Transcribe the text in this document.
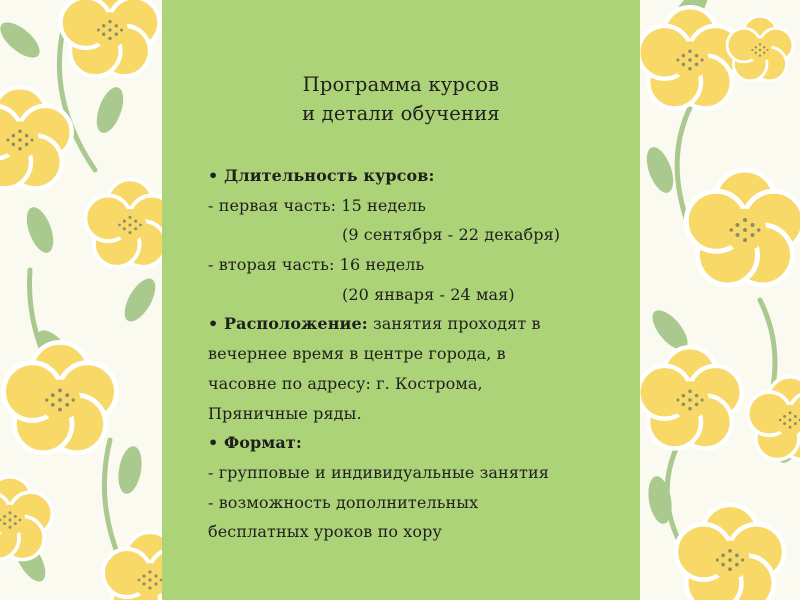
Программа курсов
и детали обучения
• Длительность курсов:
- первая часть: 15 недель
(9 сентября - 22 декабря)
- вторая часть: 16 недель
(20 января - 24 мая)
• Расположение: занятия проходят в
вечернее время в центре города, в
часовне по адресу: г. Кострома,
Пряничные ряды.
• Формат:
- групповые и индивидуальные занятия
- возможность дополнительных
бесплатных уроков по хору
